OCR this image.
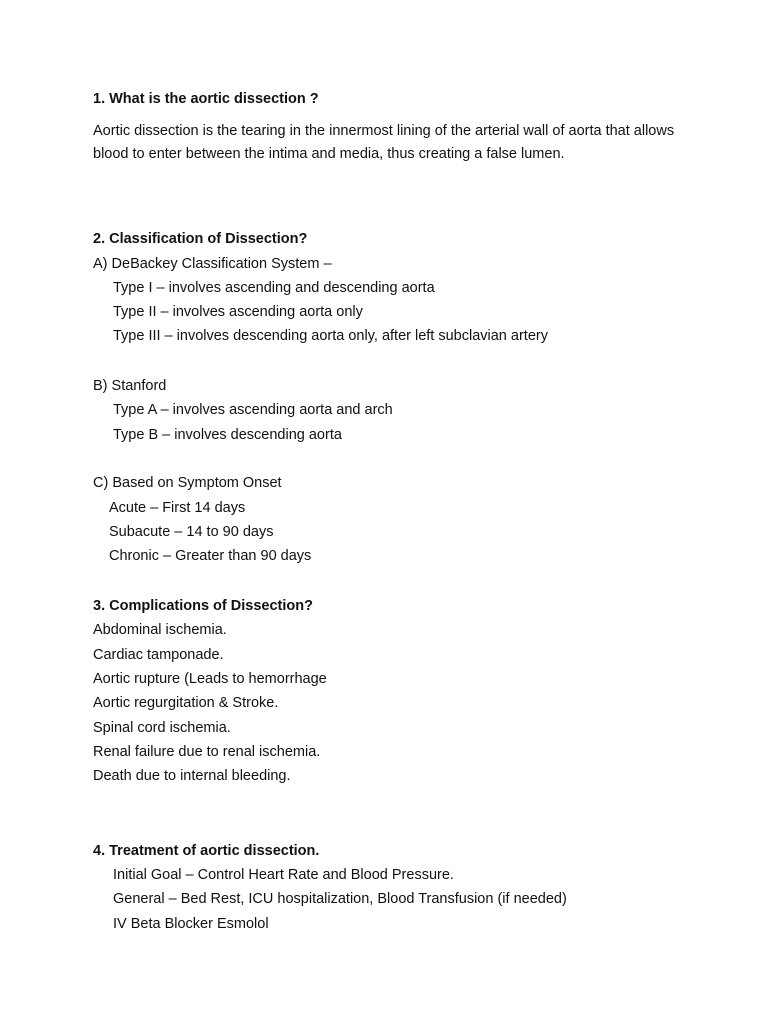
1. What is the aortic dissection ?

Aortic dissection is the tearing in the innermost lining of the arterial wall of aorta that allows blood to enter between the intima and media, thus creating a false lumen.

2. Classification of Dissection?

A) DeBackey Classification System –

Type I – involves ascending and descending aorta

Type II – involves ascending aorta only

Type III – involves descending aorta only, after left subclavian artery

B) Stanford

Type A – involves ascending aorta and arch

Type B – involves descending aorta

C) Based on Symptom Onset

Acute – First 14 days

Subacute – 14 to 90 days

Chronic – Greater than 90 days

3. Complications of Dissection?

Abdominal ischemia.

Cardiac tamponade.

Aortic rupture (Leads to hemorrhage

Aortic regurgitation & Stroke.

Spinal cord ischemia.

Renal failure due to renal ischemia.

Death due to internal bleeding.

4. Treatment of aortic dissection.

Initial Goal – Control Heart Rate and Blood Pressure.

General – Bed Rest, ICU hospitalization, Blood Transfusion (if needed)

IV Beta Blocker Esmolol
